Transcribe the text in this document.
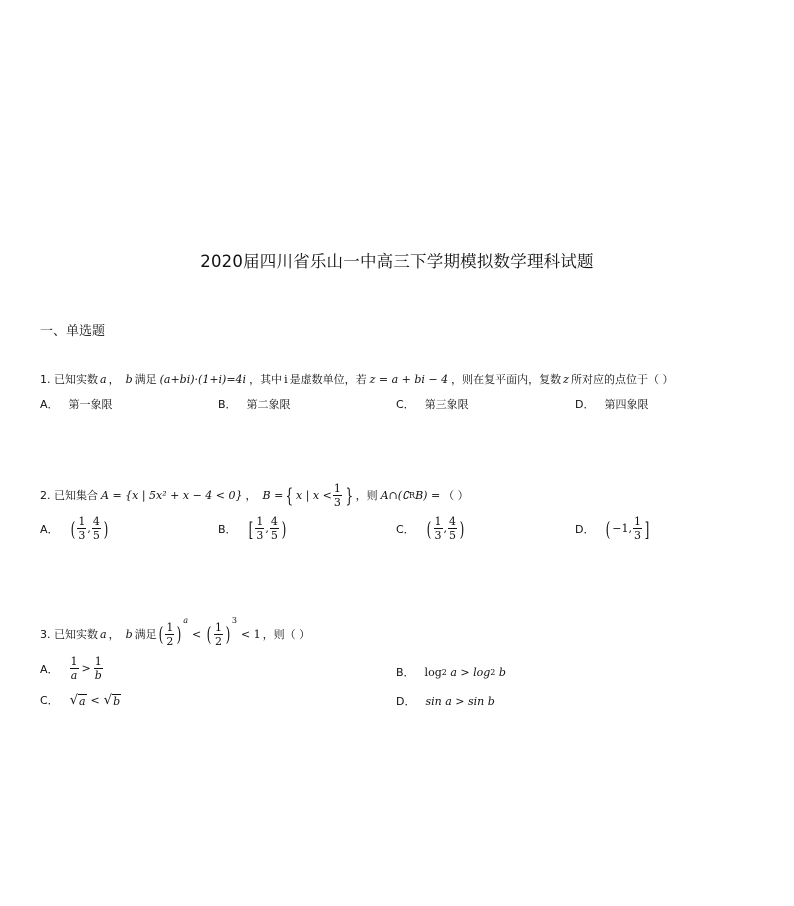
2020届四川省乐山一中高三下学期模拟数学理科试题
一、单选题
1. 已知实数 a ， b 满足 (a+bi)·(1+i)=4i ，其中 i 是虚数单位，若 z = a + bi − 4 ，则在复平面内，复数 z 所对应的点位于（ ）
A． 第一象限	B． 第二象限	C． 第三象限	D． 第四象限
2. 已知集合 A = {x | 5x² + x − 4 < 0} ， B = { x | $x < \frac{1}{3}$ } ，则 A∩(∁ R B) = （ ）
A． ( $\frac{1}{3}$ , $\frac{4}{5}$ )	B． [ $\frac{1}{3}$ , $\frac{4}{5}$ )	C． ( $\frac{1}{3}$ , $\frac{4}{5}$ )	D． ( −1, $\frac{1}{3}$ ]
3. 已知实数 a ， b 满足 ( $\frac{1}{2}$ )
$^a$
< ( $\frac{1}{2}$ )
$^3$
< 1 ，则（ ）
A． $\frac{1}{a} > \frac{1}{b}$	B． log 2 a > log 2 b
C． √ a < √ b	D． sin a > sin b
